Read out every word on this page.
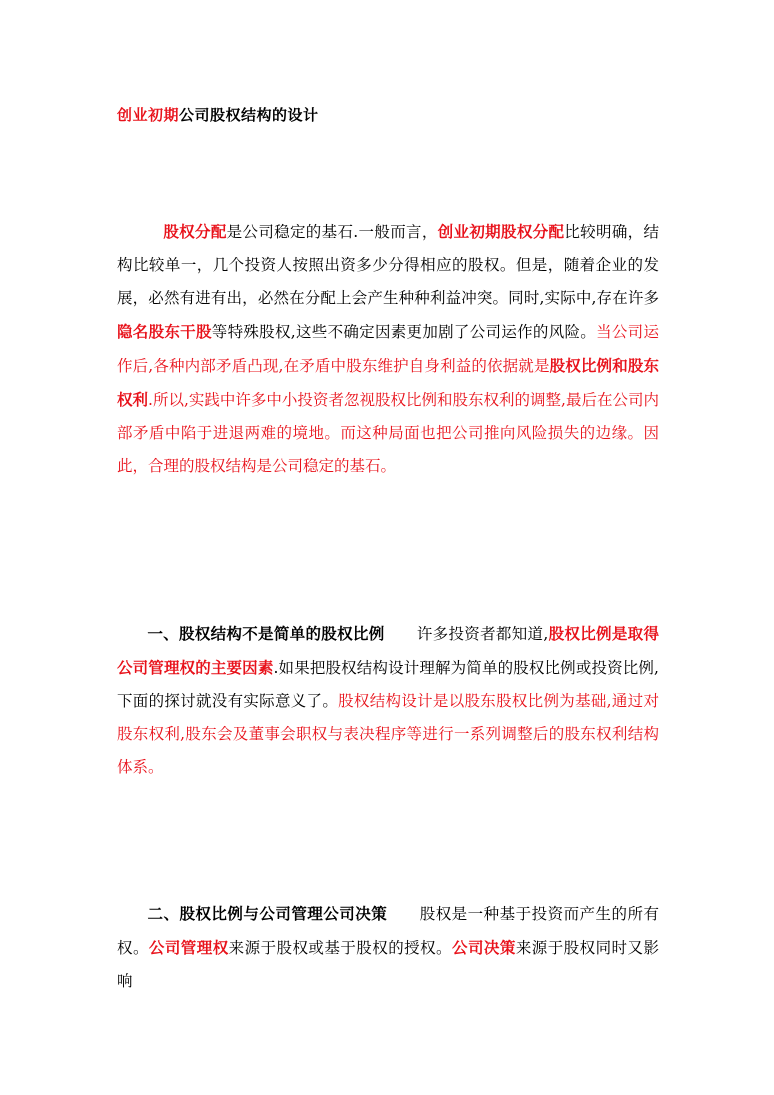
创业初期公司股权结构的设计
股权分配是公司稳定的基石.一般而言，创业初期股权分配比较明确，结构比较单一，几个投资人按照出资多少分得相应的股权。但是，随着企业的发展，必然有进有出，必然在分配上会产生种种利益冲突。同时,实际中,存在许多隐名股东干股等特殊股权,这些不确定因素更加剧了公司运作的风险。当公司运作后,各种内部矛盾凸现,在矛盾中股东维护自身利益的依据就是股权比例和股东权利.所以,实践中许多中小投资者忽视股权比例和股东权利的调整,最后在公司内部矛盾中陷于进退两难的境地。而这种局面也把公司推向风险损失的边缘。因此，合理的股权结构是公司稳定的基石。
一、股权结构不是简单的股权比例 许多投资者都知道,股权比例是取得公司管理权的主要因素.如果把股权结构设计理解为简单的股权比例或投资比例,下面的探讨就没有实际意义了。股权结构设计是以股东股权比例为基础,通过对股东权利,股东会及董事会职权与表决程序等进行一系列调整后的股东权利结构体系。
二、股权比例与公司管理公司决策 股权是一种基于投资而产生的所有权。公司管理权来源于股权或基于股权的授权。公司决策来源于股权同时又影响
